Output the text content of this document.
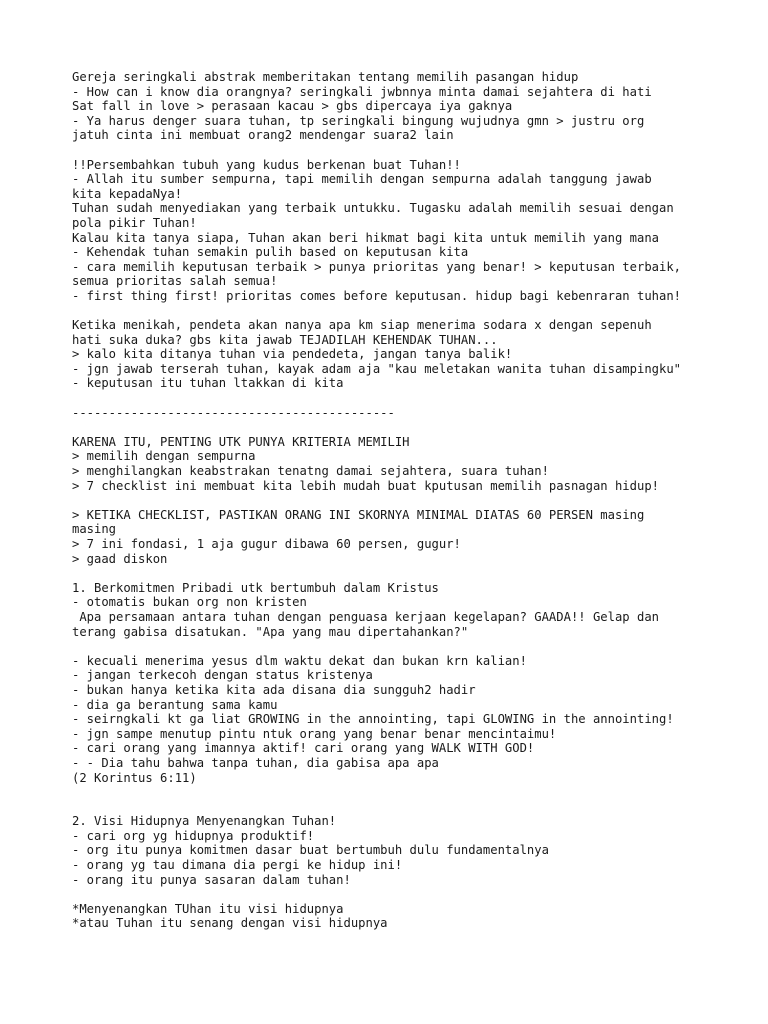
Gereja seringkali abstrak memberitakan tentang memilih pasangan hidup
- How can i know dia orangnya? seringkali jwbnnya minta damai sejahtera di hati
Sat fall in love > perasaan kacau > gbs dipercaya iya gaknya
- Ya harus denger suara tuhan, tp seringkali bingung wujudnya gmn > justru org
jatuh cinta ini membuat orang2 mendengar suara2 lain
!!Persembahkan tubuh yang kudus berkenan buat Tuhan!!
- Allah itu sumber sempurna, tapi memilih dengan sempurna adalah tanggung jawab
kita kepadaNya!
Tuhan sudah menyediakan yang terbaik untukku. Tugasku adalah memilih sesuai dengan
pola pikir Tuhan!
Kalau kita tanya siapa, Tuhan akan beri hikmat bagi kita untuk memilih yang mana
- Kehendak tuhan semakin pulih based on keputusan kita
- cara memilih keputusan terbaik > punya prioritas yang benar! > keputusan terbaik,
semua prioritas salah semua!
- first thing first! prioritas comes before keputusan. hidup bagi kebenraran tuhan!
Ketika menikah, pendeta akan nanya apa km siap menerima sodara x dengan sepenuh
hati suka duka? gbs kita jawab TEJADILAH KEHENDAK TUHAN...
> kalo kita ditanya tuhan via pendedeta, jangan tanya balik!
- jgn jawab terserah tuhan, kayak adam aja "kau meletakan wanita tuhan disampingku"
- keputusan itu tuhan ltakkan di kita
--------------------------------------------
KARENA ITU, PENTING UTK PUNYA KRITERIA MEMILIH
> memilih dengan sempurna
> menghilangkan keabstrakan tenatng damai sejahtera, suara tuhan!
> 7 checklist ini membuat kita lebih mudah buat kputusan memilih pasnagan hidup!
> KETIKA CHECKLIST, PASTIKAN ORANG INI SKORNYA MINIMAL DIATAS 60 PERSEN masing
masing
> 7 ini fondasi, 1 aja gugur dibawa 60 persen, gugur!
> gaad diskon
1. Berkomitmen Pribadi utk bertumbuh dalam Kristus
- otomatis bukan org non kristen
Apa persamaan antara tuhan dengan penguasa kerjaan kegelapan? GAADA!! Gelap dan
terang gabisa disatukan. "Apa yang mau dipertahankan?"
- kecuali menerima yesus dlm waktu dekat dan bukan krn kalian!
- jangan terkecoh dengan status kristenya
- bukan hanya ketika kita ada disana dia sungguh2 hadir
- dia ga berantung sama kamu
- seirngkali kt ga liat GROWING in the annointing, tapi GLOWING in the annointing!
- jgn sampe menutup pintu ntuk orang yang benar benar mencintaimu!
- cari orang yang imannya aktif! cari orang yang WALK WITH GOD!
- - Dia tahu bahwa tanpa tuhan, dia gabisa apa apa
(2 Korintus 6:11)
2. Visi Hidupnya Menyenangkan Tuhan!
- cari org yg hidupnya produktif!
- org itu punya komitmen dasar buat bertumbuh dulu fundamentalnya
- orang yg tau dimana dia pergi ke hidup ini!
- orang itu punya sasaran dalam tuhan!
*Menyenangkan TUhan itu visi hidupnya
*atau Tuhan itu senang dengan visi hidupnya
